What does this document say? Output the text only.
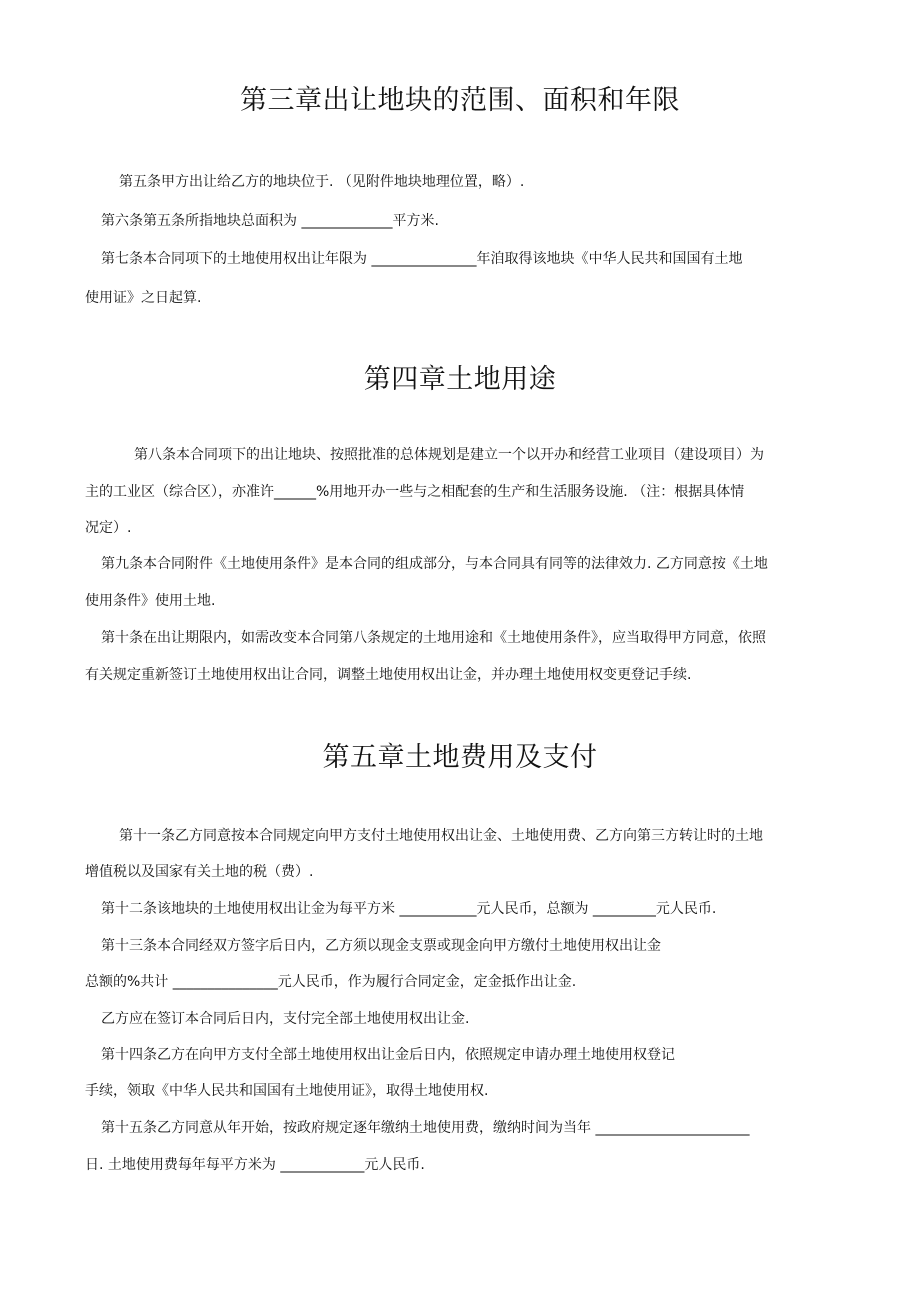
第三章出让地块的范围、面积和年限

第五条甲方出让给乙方的地块位于. （见附件地块地理位置，略）.

第六条第五条所指地块总面积为 _____________平方米.

第七条本合同项下的土地使用权出让年限为 _______________年洎取得该地块《中华人民共和国国有土地

使用证》之日起算.

第四章土地用途

第八条本合同项下的出让地块、按照批准的总体规划是建立一个以开办和经营工业项目（建设项目）为

主的工业区（综合区），亦准许______%用地开办一些与之相配套的生产和生活服务设施. （注：根据具体情

况定）.

第九条本合同附件《土地使用条件》是本合同的组成部分，与本合同具有同等的法律效力. 乙方同意按《土地

使用条件》使用土地.

第十条在出让期限内，如需改变本合同第八条规定的土地用途和《土地使用条件》，应当取得甲方同意，依照

有关规定重新签订土地使用权出让合同，调整土地使用权出让金，并办理土地使用权变更登记手续.

第五章土地费用及支付

第十一条乙方同意按本合同规定向甲方支付土地使用权出让金、土地使用费、乙方向第三方转让时的土地

增值税以及国家有关土地的税（费）.

第十二条该地块的土地使用权出让金为每平方米 ___________元人民币，总额为 _________元人民币.

第十三条本合同经双方签字后日内，乙方须以现金支票或现金向甲方缴付土地使用权出让金

总额的%共计 _______________元人民币，作为履行合同定金，定金抵作出让金.

乙方应在签订本合同后日内，支付完全部土地使用权出让金.

第十四条乙方在向甲方支付全部土地使用权出让金后日内，依照规定申请办理土地使用权登记

手续，领取《中华人民共和国国有土地使用证》，取得土地使用权.

第十五条乙方同意从年开始，按政府规定逐年缴纳土地使用费，缴纳时间为当年 ______________________

日. 土地使用费每年每平方米为 ____________元人民币.
